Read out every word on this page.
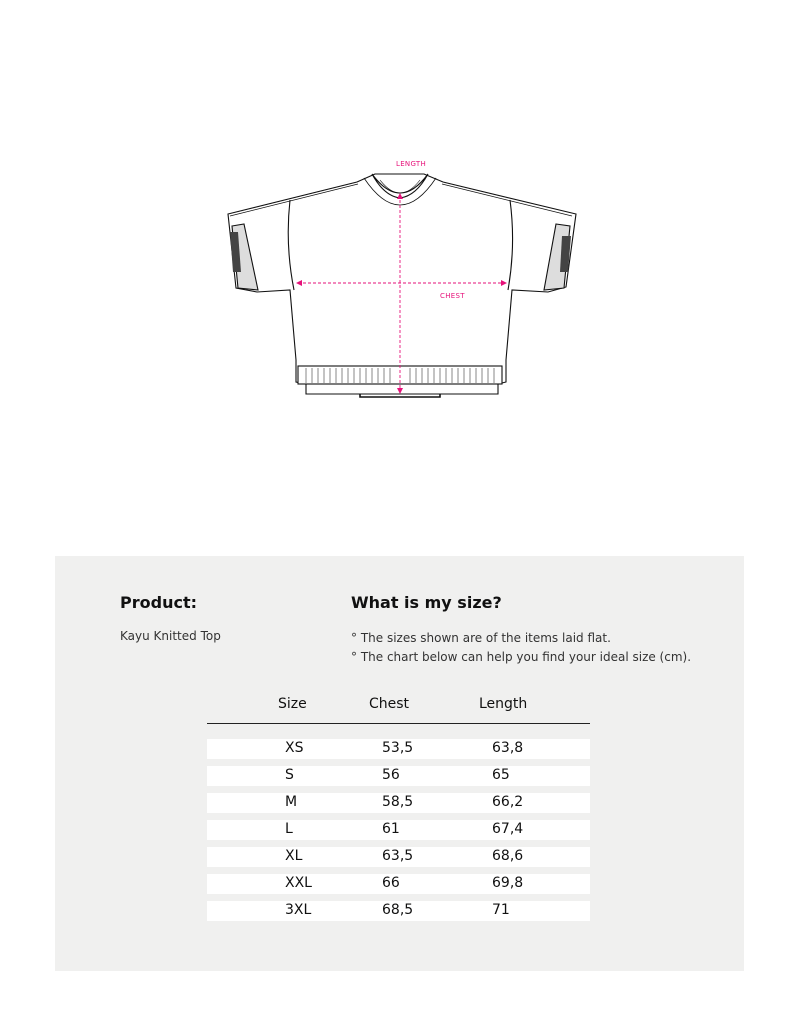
LENGTH
CHEST
Product:	What is my size?
Kayu Knitted Top	° The sizes shown are of the items laid flat.
° The chart below can help you find your ideal size (cm).
Size	Chest	Length
XS	53,5	63,8
S	56	65
M	58,5	66,2
L	61	67,4
XL	63,5	68,6
XXL	66	69,8
3XL	68,5	71
